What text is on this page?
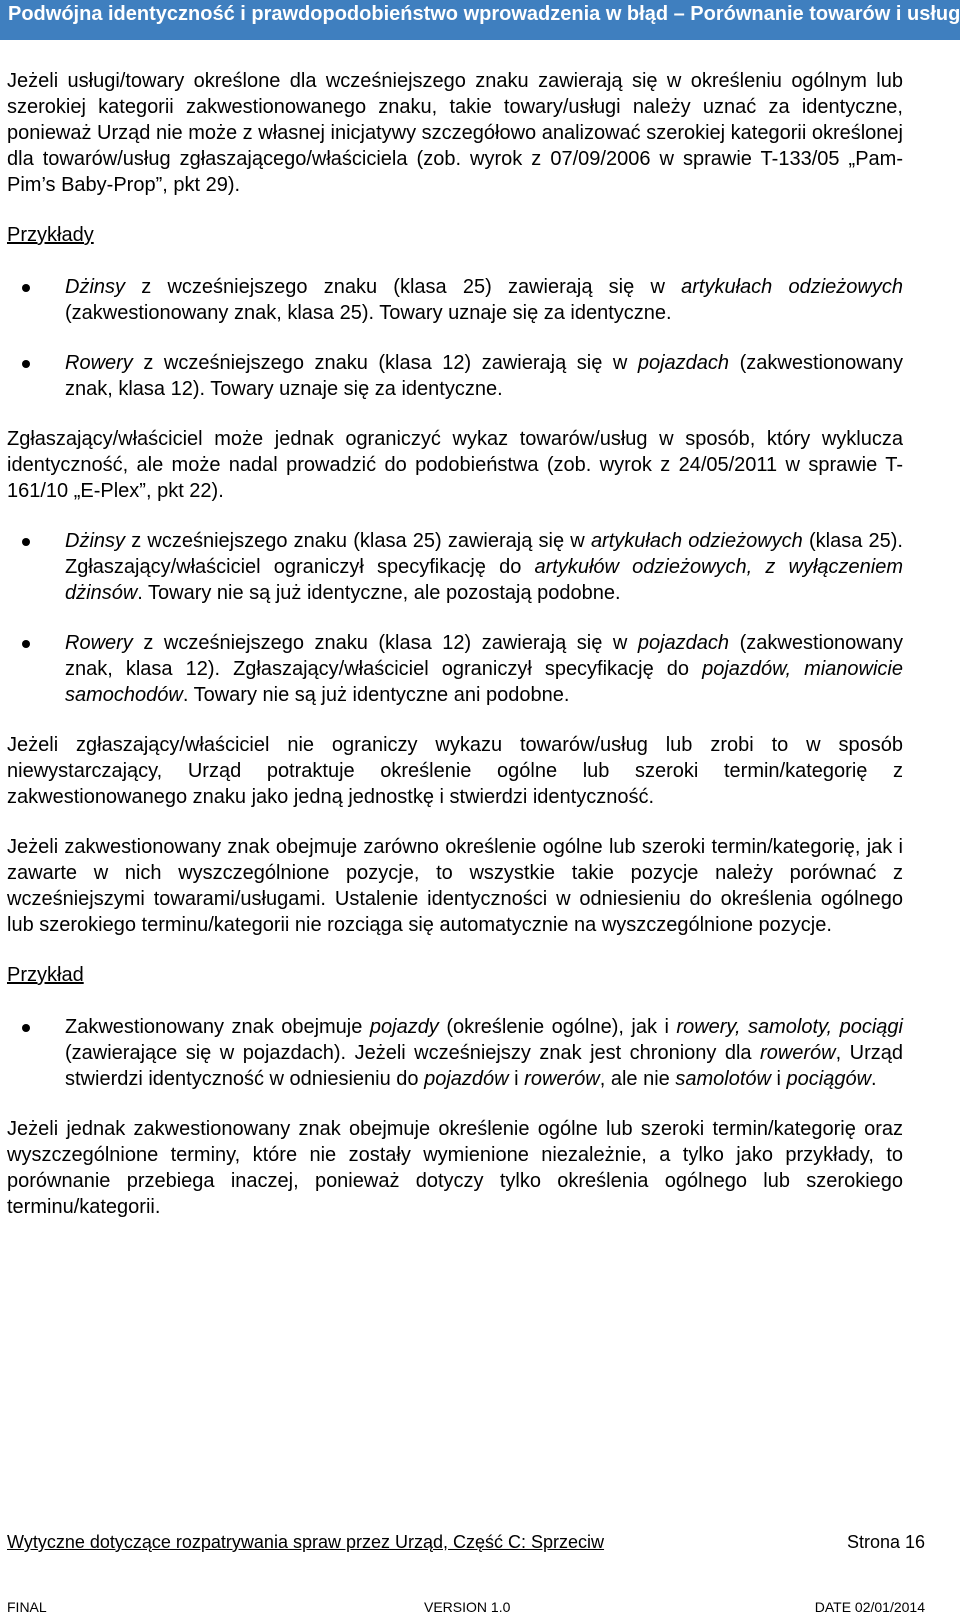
Podwójna identyczność i prawdopodobieństwo wprowadzenia w błąd – Porównanie towarów i usług

Jeżeli usługi/towary określone dla wcześniejszego znaku zawierają się w określeniu ogólnym lub szerokiej kategorii zakwestionowanego znaku, takie towary/usługi należy uznać za identyczne, ponieważ Urząd nie może z własnej inicjatywy szczegółowo analizować szerokiej kategorii określonej dla towarów/usług zgłaszającego/właściciela (zob. wyrok z 07/09/2006 w sprawie T-133/05 „Pam-Pim’s Baby-Prop”, pkt 29).

Przykłady

Dżinsy z wcześniejszego znaku (klasa 25) zawierają się w artykułach odzieżowych (zakwestionowany znak, klasa 25). Towary uznaje się za identyczne.
Rowery z wcześniejszego znaku (klasa 12) zawierają się w pojazdach (zakwestionowany znak, klasa 12). Towary uznaje się za identyczne.

Zgłaszający/właściciel może jednak ograniczyć wykaz towarów/usług w sposób, który wyklucza identyczność, ale może nadal prowadzić do podobieństwa (zob. wyrok z 24/05/2011 w sprawie T-161/10 „E-Plex”, pkt 22).

Dżinsy z wcześniejszego znaku (klasa 25) zawierają się w artykułach odzieżowych (klasa 25). Zgłaszający/właściciel ograniczył specyfikację do artykułów odzieżowych, z wyłączeniem dżinsów. Towary nie są już identyczne, ale pozostają podobne.
Rowery z wcześniejszego znaku (klasa 12) zawierają się w pojazdach (zakwestionowany znak, klasa 12). Zgłaszający/właściciel ograniczył specyfikację do pojazdów, mianowicie samochodów. Towary nie są już identyczne ani podobne.

Jeżeli zgłaszający/właściciel nie ograniczy wykazu towarów/usług lub zrobi to w sposób niewystarczający, Urząd potraktuje określenie ogólne lub szeroki termin/kategorię z zakwestionowanego znaku jako jedną jednostkę i stwierdzi identyczność.

Jeżeli zakwestionowany znak obejmuje zarówno określenie ogólne lub szeroki termin/kategorię, jak i zawarte w nich wyszczególnione pozycje, to wszystkie takie pozycje należy porównać z wcześniejszymi towarami/usługami. Ustalenie identyczności w odniesieniu do określenia ogólnego lub szerokiego terminu/kategorii nie rozciąga się automatycznie na wyszczególnione pozycje.

Przykład

Zakwestionowany znak obejmuje pojazdy (określenie ogólne), jak i rowery, samoloty, pociągi (zawierające się w pojazdach). Jeżeli wcześniejszy znak jest chroniony dla rowerów, Urząd stwierdzi identyczność w odniesieniu do pojazdów i rowerów, ale nie samolotów i pociągów.

Jeżeli jednak zakwestionowany znak obejmuje określenie ogólne lub szeroki termin/kategorię oraz wyszczególnione terminy, które nie zostały wymienione niezależnie, a tylko jako przykłady, to porównanie przebiega inaczej, ponieważ dotyczy tylko określenia ogólnego lub szerokiego terminu/kategorii.

Wytyczne dotyczące rozpatrywania spraw przez Urząd, Część C: Sprzeciw	Strona 16
FINAL	VERSION 1.0	DATE 02/01/2014
